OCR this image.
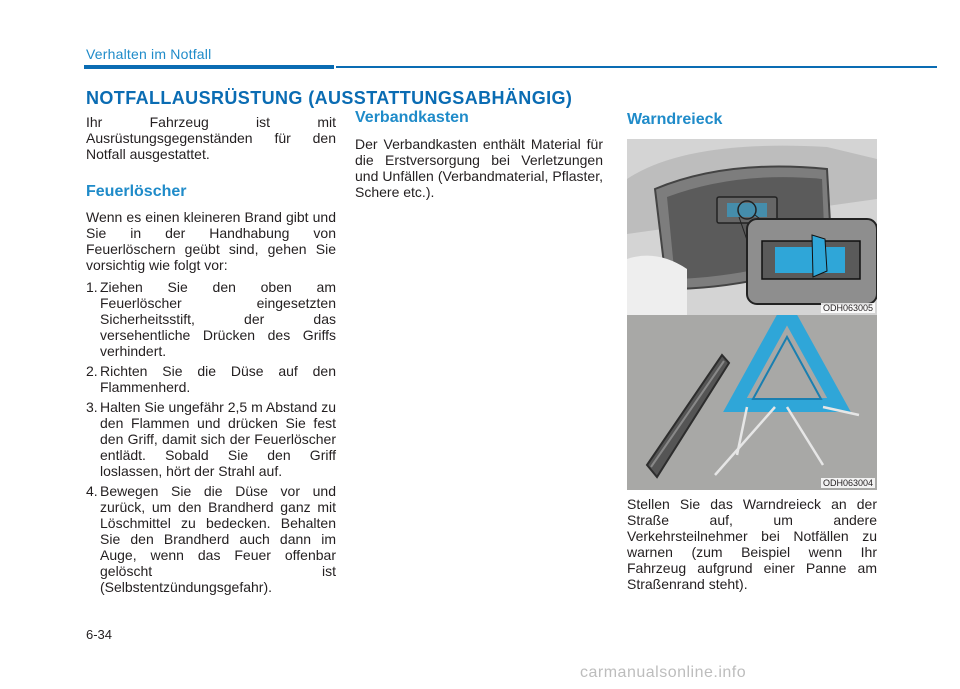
Verhalten im Notfall
NOTFALLAUSRÜSTUNG (AUSSTATTUNGSABHÄNGIG)

Ihr Fahrzeug ist mit Ausrüstungsgegenständen für den Notfall ausgestattet.

Feuerlöscher

Wenn es einen kleineren Brand gibt und Sie in der Handhabung von Feuerlöschern geübt sind, gehen Sie vorsichtig wie folgt vor:

1. Ziehen Sie den oben am Feuerlöscher eingesetzten Sicherheitsstift, der das versehentliche Drücken des Griffs verhindert.
2. Richten Sie die Düse auf den Flammenherd.
3. Halten Sie ungefähr 2,5 m Abstand zu den Flammen und drücken Sie fest den Griff, damit sich der Feuerlöscher entlädt. Sobald Sie den Griff loslassen, hört der Strahl auf.
4. Bewegen Sie die Düse vor und zurück, um den Brandherd ganz mit Löschmittel zu bedecken. Behalten Sie den Brandherd auch dann im Auge, wenn das Feuer offenbar gelöscht ist (Selbstentzündungsgefahr).
Verbandkasten

Der Verbandkasten enthält Material für die Erstversorgung bei Verletzungen und Unfällen (Verbandmaterial, Pflaster, Schere etc.).

Warndreieck
ODH063005
ODH063004

Stellen Sie das Warndreieck an der Straße auf, um andere Verkehrsteilnehmer bei Notfällen zu warnen (zum Beispiel wenn Ihr Fahrzeug aufgrund einer Panne am Straßenrand steht).

6-34
carmanualsonline.info
